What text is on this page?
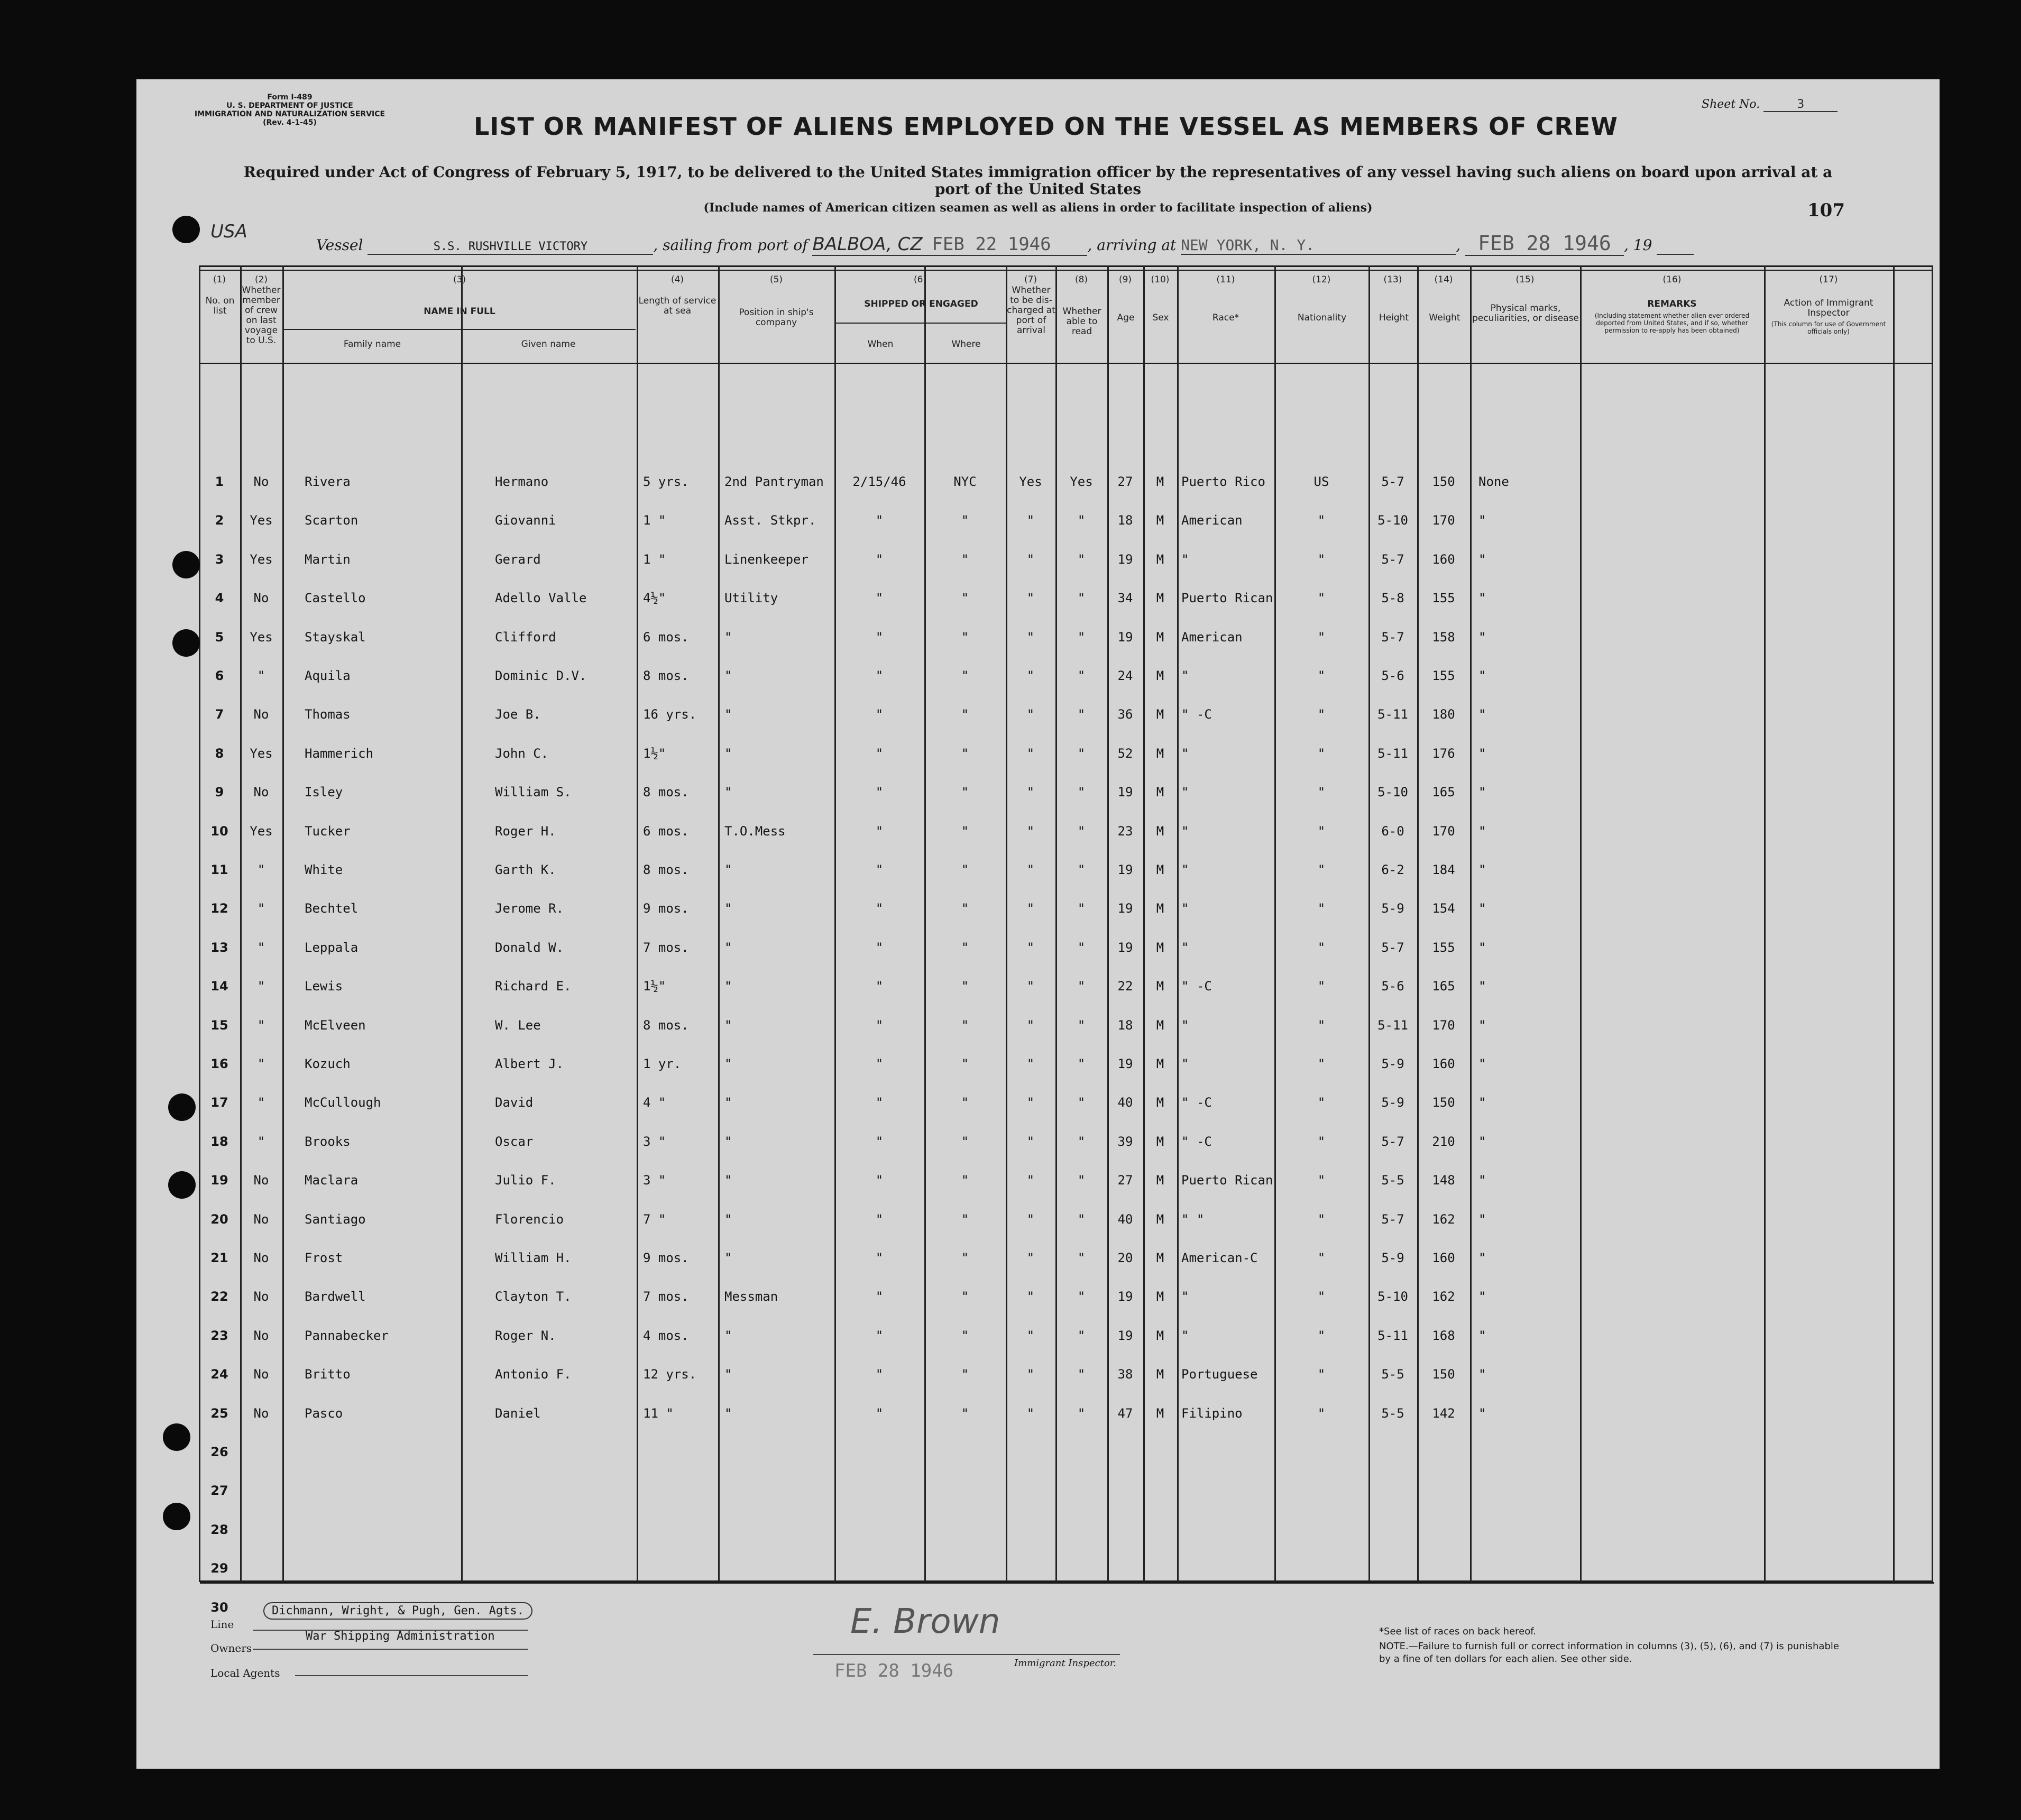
Form I-489
U. S. DEPARTMENT OF JUSTICE
IMMIGRATION AND NATURALIZATION SERVICE
(Rev. 4-1-45)
Sheet No.	3
LIST OR MANIFEST OF ALIENS EMPLOYED ON THE VESSEL AS MEMBERS OF CREW
Required under Act of Congress of February 5, 1917, to be delivered to the United States immigration officer by the representatives of any vessel having such aliens on board upon arrival at a port of the United States
(Include names of American citizen seamen as well as aliens in order to facilitate inspection of aliens)	107
USA
Vessel	S.S. RUSHVILLE VICTORY	, sailing from port of BALBOA, CZ FEB 22 1946 , arriving at NEW YORK, N. Y.	, FEB 28 1946 , 19
(1)	(2)	(3)	(4)	(5)	(6)	(7)	(8)	(9)	(10)	(11)	(12)	(13)	(14)	(15)	(16)	(17)
No. on list
Whether member of crew on last voyage to U.S.
NAME IN FULL
Family name	Given name
Length of service at sea	Position in ship's company
SHIPPED OR ENGAGED
When	Where
Whether to be dis-charged at port of arrival
Whether able to read
Age	Sex	Race*	Nationality	Height	Weight
Physical marks, peculiarities, or disease
REMARKS
(Including statement whether alien ever ordered deported from United States, and if so, whether permission to re-apply has been obtained)
Action of Immigrant Inspector
(This column for use of Government officials only)
1	No	Rivera	Hermano	5 yrs.	2nd Pantryman	2/15/46	NYC	Yes	Yes	27	M	Puerto Rico	US	5-7	150	None
2	Yes	Scarton	Giovanni	1 "	Asst. Stkpr.	"	"	"	"	18	M	American	"	5-10	170	"
3	Yes	Martin	Gerard	1 "	Linenkeeper	"	"	"	"	19	M	"	"	5-7	160	"
4	No	Castello	Adello Valle	4½"	Utility	"	"	"	"	34	M	Puerto Rican	"	5-8	155	"
5	Yes	Stayskal	Clifford	6 mos.	"	"	"	"	"	19	M	American	"	5-7	158	"
6	"	Aquila	Dominic D.V.	8 mos.	"	"	"	"	"	24	M	"	"	5-6	155	"
7	No	Thomas	Joe B.	16 yrs.	"	"	"	"	"	36	M	" -C	"	5-11	180	"
8	Yes	Hammerich	John C.	1½"	"	"	"	"	"	52	M	"	"	5-11	176	"
9	No	Isley	William S.	8 mos.	"	"	"	"	"	19	M	"	"	5-10	165	"
10	Yes	Tucker	Roger H.	6 mos.	T.O.Mess	"	"	"	"	23	M	"	"	6-0	170	"
11	"	White	Garth K.	8 mos.	"	"	"	"	"	19	M	"	"	6-2	184	"
12	"	Bechtel	Jerome R.	9 mos.	"	"	"	"	"	19	M	"	"	5-9	154	"
13	"	Leppala	Donald W.	7 mos.	"	"	"	"	"	19	M	"	"	5-7	155	"
14	"	Lewis	Richard E.	1½"	"	"	"	"	"	22	M	" -C	"	5-6	165	"
15	"	McElveen	W. Lee	8 mos.	"	"	"	"	"	18	M	"	"	5-11	170	"
16	"	Kozuch	Albert J.	1 yr.	"	"	"	"	"	19	M	"	"	5-9	160	"
17	"	McCullough	David	4 "	"	"	"	"	"	40	M	" -C	"	5-9	150	"
18	"	Brooks	Oscar	3 "	"	"	"	"	"	39	M	" -C	"	5-7	210	"
19	No	Maclara	Julio F.	3 "	"	"	"	"	"	27	M	Puerto Rican	"	5-5	148	"
20	No	Santiago	Florencio	7 "	"	"	"	"	"	40	M	" "	"	5-7	162	"
21	No	Frost	William H.	9 mos.	"	"	"	"	"	20	M	American-C	"	5-9	160	"
22	No	Bardwell	Clayton T.	7 mos.	Messman	"	"	"	"	19	M	"	"	5-10	162	"
23	No	Pannabecker	Roger N.	4 mos.	"	"	"	"	"	19	M	"	"	5-11	168	"
24	No	Britto	Antonio F.	12 yrs.	"	"	"	"	"	38	M	Portuguese	"	5-5	150	"
25	No	Pasco	Daniel	11 "	"	"	"	"	"	47	M	Filipino	"	5-5	142	"
26
27
28
29
30
Line
Dichmann, Wright, & Pugh, Gen. Agts.
Owners
War Shipping Administration
Local Agents
E. Brown
FEB 28 1946	Immigrant Inspector.
*See list of races on back hereof.
NOTE.—Failure to furnish full or correct information in columns (3), (5), (6), and (7) is punishable by a fine of ten dollars for each alien. See other side.
